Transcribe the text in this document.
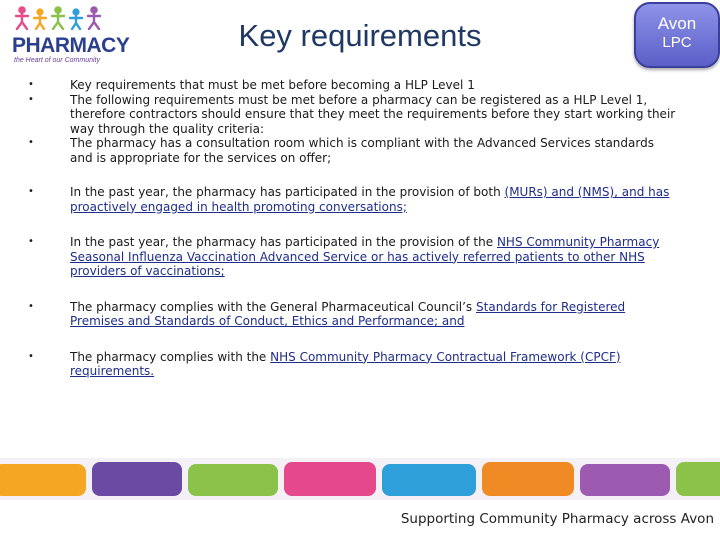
PHARMACY
the Heart of our Community
Key requirements	Avon
LPC
•	Key requirements that must be met before becoming a HLP Level 1
•	The following requirements must be met before a pharmacy can be registered as a HLP Level 1, therefore contractors should ensure that they meet the requirements before they start working their way through the quality criteria:
•	The pharmacy has a consultation room which is compliant with the Advanced Services standards and is appropriate for the services on offer;
•	In the past year, the pharmacy has participated in the provision of both (MURs) and (NMS), and has proactively engaged in health promoting conversations;
•	In the past year, the pharmacy has participated in the provision of the NHS Community Pharmacy Seasonal Influenza Vaccination Advanced Service or has actively referred patients to other NHS providers of vaccinations;
•	The pharmacy complies with the General Pharmaceutical Council’s Standards for Registered Premises and Standards of Conduct, Ethics and Performance; and
•	The pharmacy complies with the NHS Community Pharmacy Contractual Framework (CPCF) requirements.
Supporting Community Pharmacy across Avon
